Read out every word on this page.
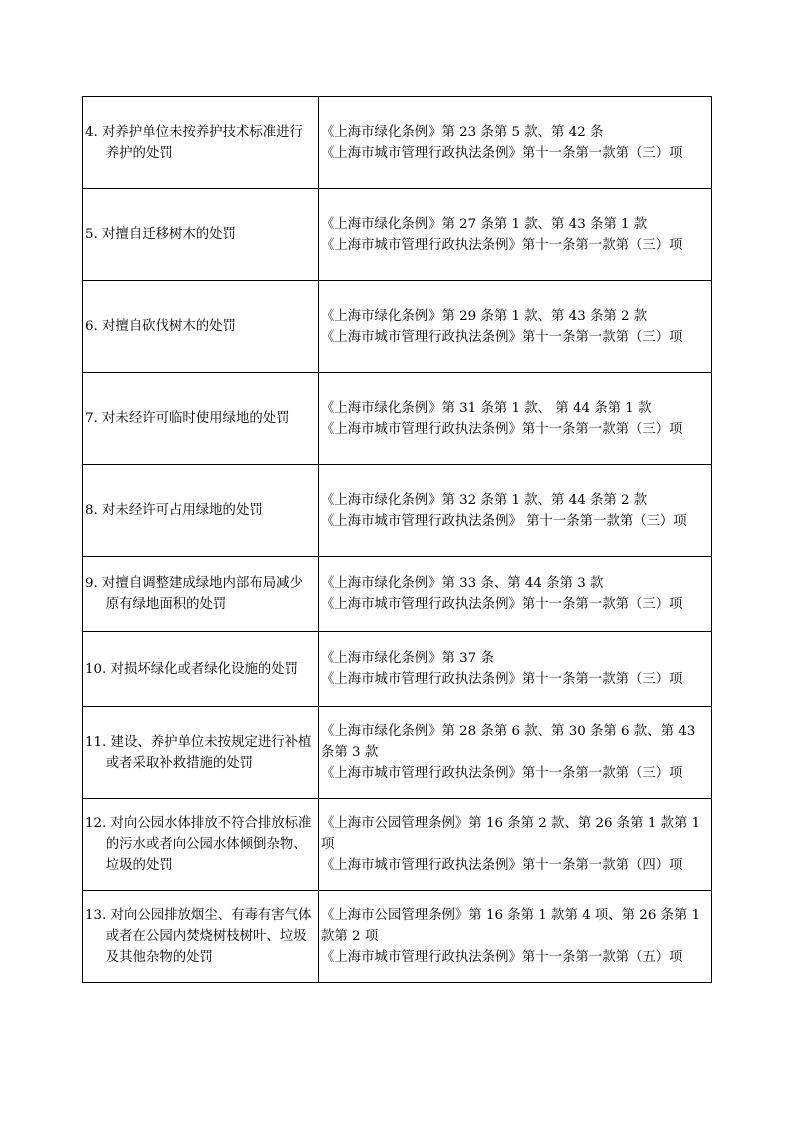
4. 对养护单位未按养护技术标准进行养护的处罚	《上海市绿化条例》第 23 条第 5 款、第 42 条
《上海市城市管理行政执法条例》第十一条第一款第（三）项

5. 对擅自迁移树木的处罚	《上海市绿化条例》第 27 条第 1 款、第 43 条第 1 款
《上海市城市管理行政执法条例》第十一条第一款第（三）项

6. 对擅自砍伐树木的处罚	《上海市绿化条例》第 29 条第 1 款、第 43 条第 2 款
《上海市城市管理行政执法条例》第十一条第一款第（三）项

7. 对未经许可临时使用绿地的处罚	《上海市绿化条例》第 31 条第 1 款、 第 44 条第 1 款
《上海市城市管理行政执法条例》第十一条第一款第（三）项

8. 对未经许可占用绿地的处罚	《上海市绿化条例》第 32 条第 1 款、第 44 条第 2 款
《上海市城市管理行政执法条例》 第十一条第一款第（三）项

9. 对擅自调整建成绿地内部布局减少原有绿地面积的处罚	《上海市绿化条例》第 33 条、第 44 条第 3 款
《上海市城市管理行政执法条例》第十一条第一款第（三）项

10. 对损坏绿化或者绿化设施的处罚	《上海市绿化条例》第 37 条
《上海市城市管理行政执法条例》第十一条第一款第（三）项

11. 建设、养护单位未按规定进行补植或者采取补救措施的处罚	《上海市绿化条例》第 28 条第 6 款、第 30 条第 6 款、第 43 条第 3 款
《上海市城市管理行政执法条例》第十一条第一款第（三）项

12. 对向公园水体排放不符合排放标准的污水或者向公园水体倾倒杂物、垃圾的处罚	《上海市公园管理条例》第 16 条第 2 款、第 26 条第 1 款第 1 项
《上海市城市管理行政执法条例》第十一条第一款第（四）项

13. 对向公园排放烟尘、有毒有害气体或者在公园内焚烧树枝树叶、垃圾及其他杂物的处罚	《上海市公园管理条例》第 16 条第 1 款第 4 项、第 26 条第 1 款第 2 项
《上海市城市管理行政执法条例》第十一条第一款第（五）项
